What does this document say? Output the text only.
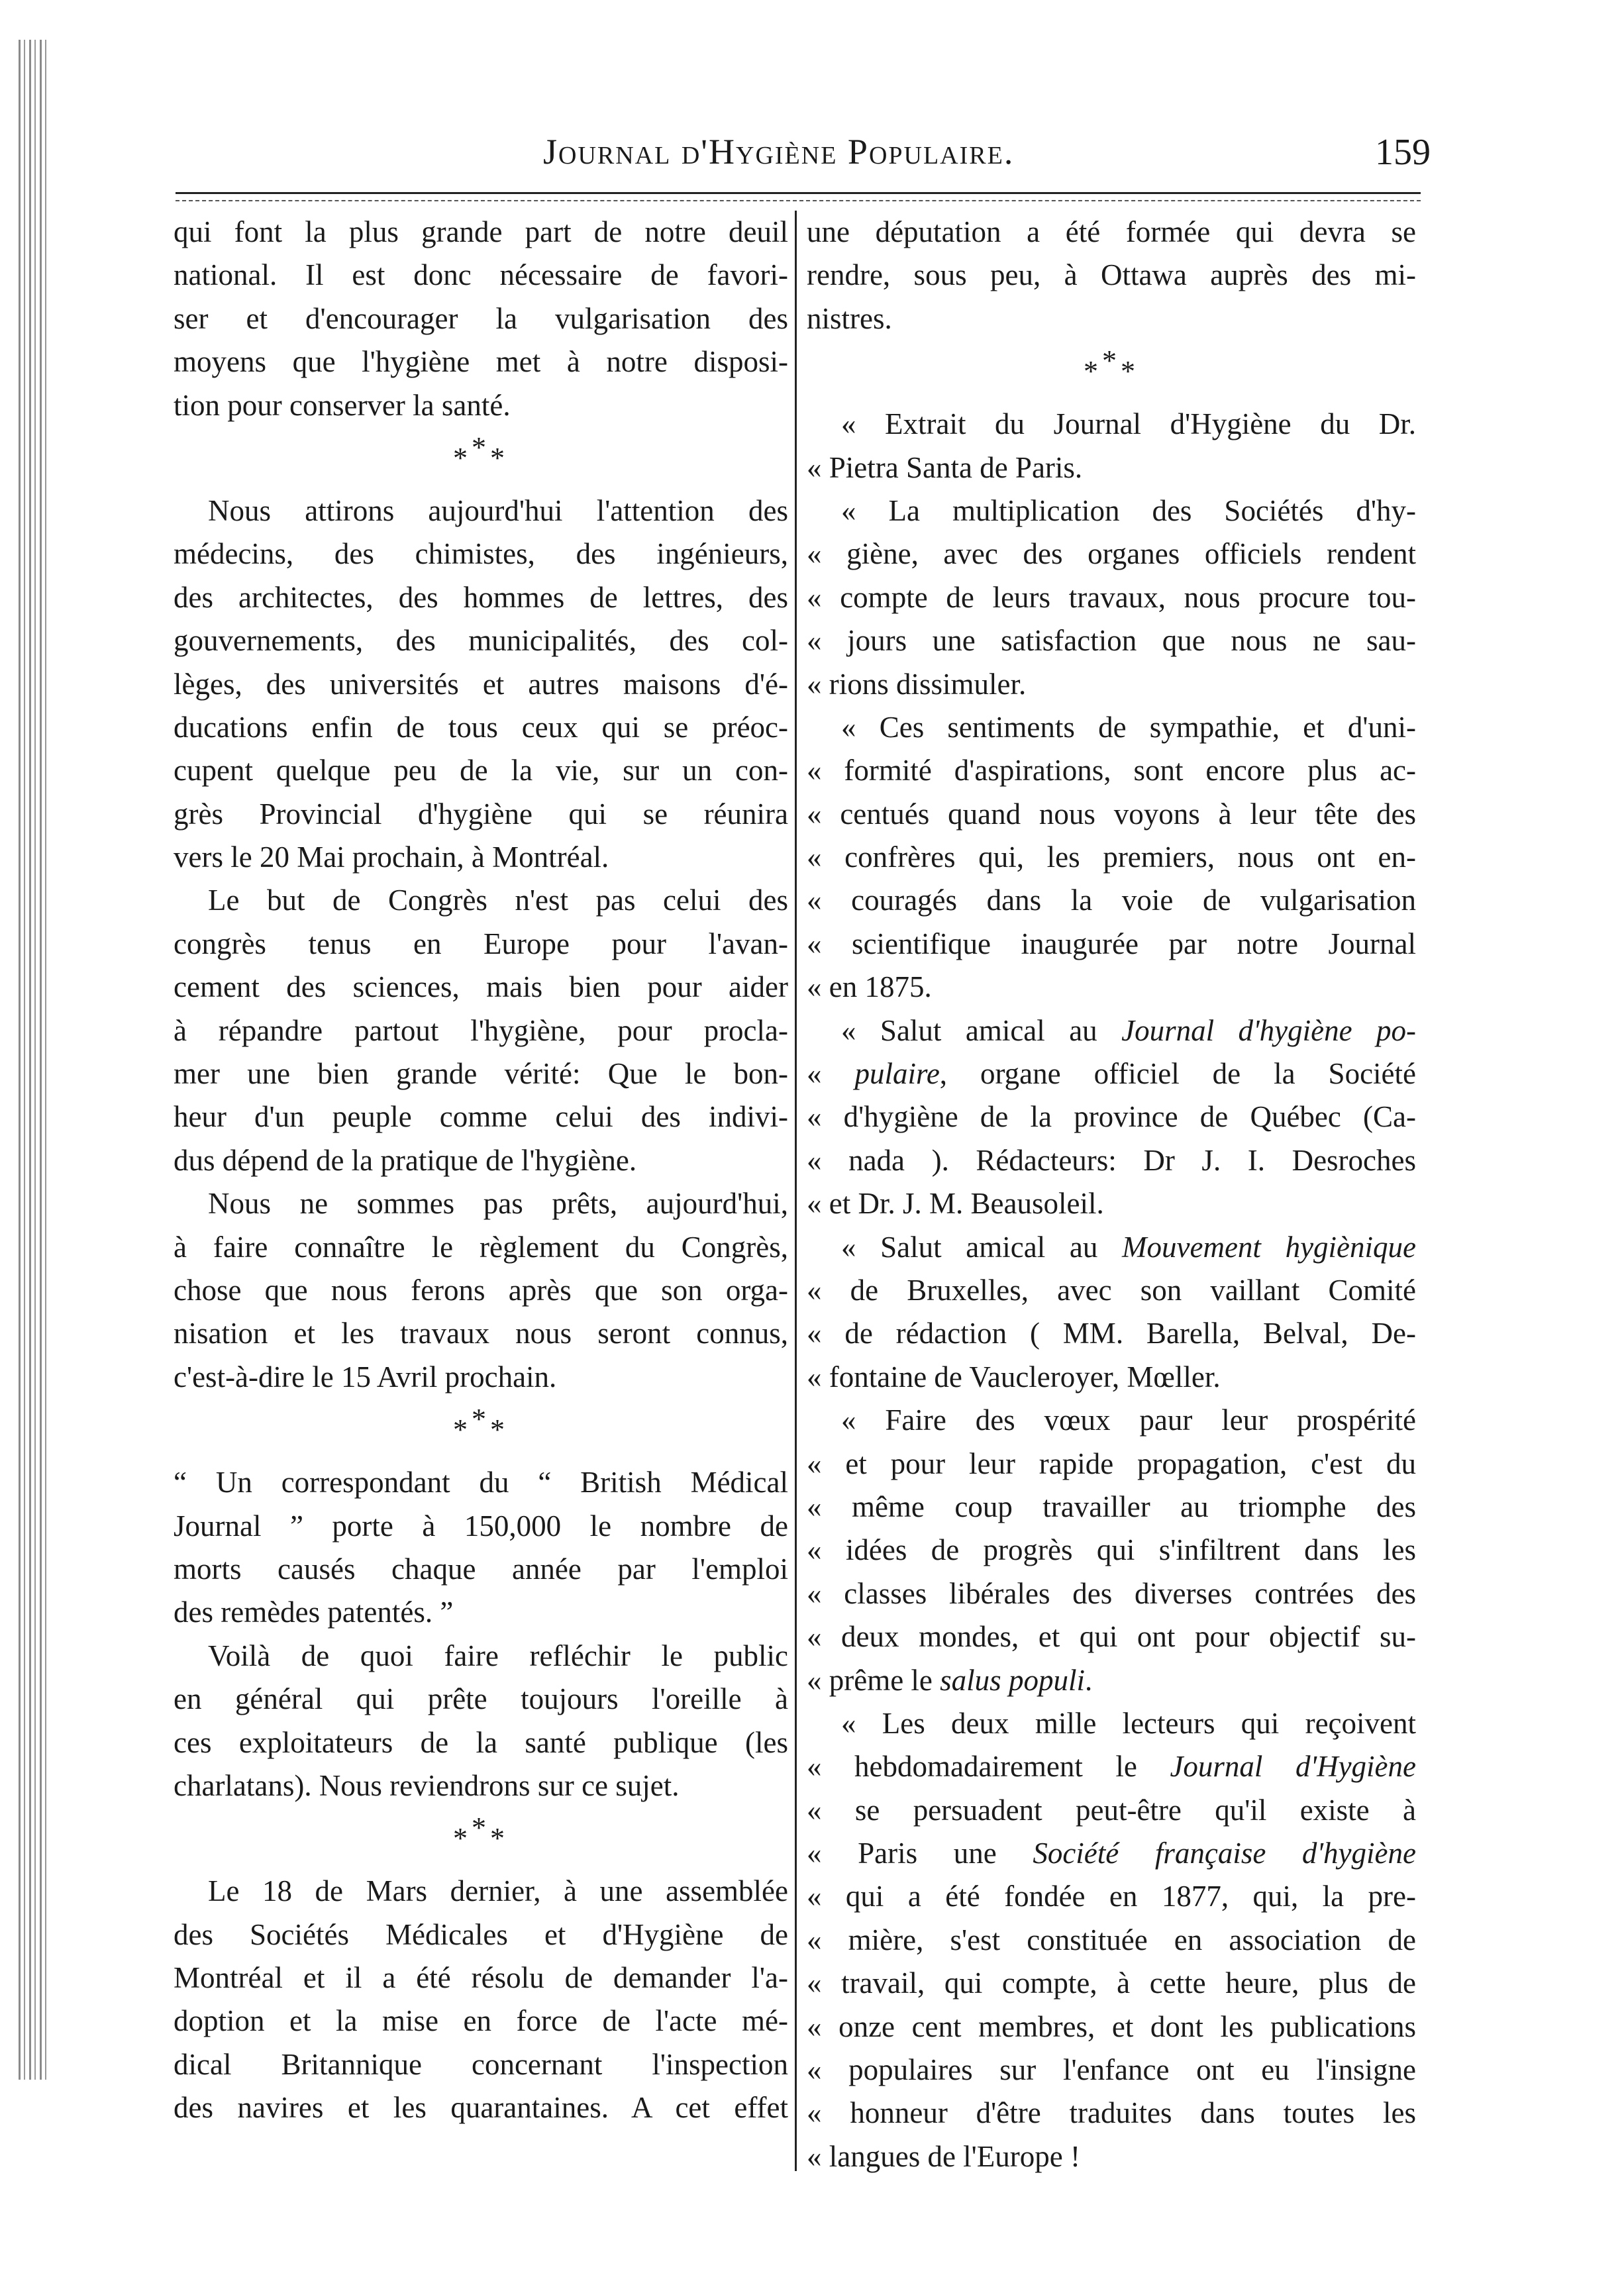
Journal d'Hygiène Populaire.	159
qui font la plus grande part de notre deuil
national. Il est donc nécessaire de favori-
ser et d'encourager la vulgarisation des
moyens que l'hygiène met à notre disposi-
tion pour conserver la santé.
***
Nous attirons aujourd'hui l'attention des
médecins, des chimistes, des ingénieurs,
des architectes, des hommes de lettres, des
gouvernements, des municipalités, des col-
lèges, des universités et autres maisons d'é-
ducations enfin de tous ceux qui se préoc-
cupent quelque peu de la vie, sur un con-
grès Provincial d'hygiène qui se réunira
vers le 20 Mai prochain, à Montréal.
Le but de Congrès n'est pas celui des
congrès tenus en Europe pour l'avan-
cement des sciences, mais bien pour aider
à répandre partout l'hygiène, pour procla-
mer une bien grande vérité: Que le bon-
heur d'un peuple comme celui des indivi-
dus dépend de la pratique de l'hygiène.
Nous ne sommes pas prêts, aujourd'hui,
à faire connaître le règlement du Congrès,
chose que nous ferons après que son orga-
nisation et les travaux nous seront connus,
c'est-à-dire le 15 Avril prochain.
***
“ Un correspondant du “ British Médical
Journal ” porte à 150,000 le nombre de
morts causés chaque année par l'emploi
des remèdes patentés. ”
Voilà de quoi faire refléchir le public
en général qui prête toujours l'oreille à
ces exploitateurs de la santé publique (les
charlatans). Nous reviendrons sur ce sujet.
***
Le 18 de Mars dernier, à une assemblée
des Sociétés Médicales et d'Hygiène de
Montréal et il a été résolu de demander l'a-
doption et la mise en force de l'acte mé-
dical Britannique concernant l'inspection
des navires et les quarantaines. A cet effet
une députation a été formée qui devra se
rendre, sous peu, à Ottawa auprès des mi-
nistres.
***
« Extrait du Journal d'Hygiène du Dr.
« Pietra Santa de Paris.
« La multiplication des Sociétés d'hy-
« giène, avec des organes officiels rendent
« compte de leurs travaux, nous procure tou-
« jours une satisfaction que nous ne sau-
« rions dissimuler.
« Ces sentiments de sympathie, et d'uni-
« formité d'aspirations, sont encore plus ac-
« centués quand nous voyons à leur tête des
« confrères qui, les premiers, nous ont en-
« couragés dans la voie de vulgarisation
« scientifique inaugurée par notre Journal
« en 1875.
« Salut amical au Journal d'hygiène po-
« pulaire, organe officiel de la Société
« d'hygiène de la province de Québec (Ca-
« nada ). Rédacteurs: Dr J. I. Desroches
« et Dr. J. M. Beausoleil.
« Salut amical au Mouvement hygiènique
« de Bruxelles, avec son vaillant Comité
« de rédaction ( MM. Barella, Belval, De-
« fontaine de Vaucleroyer, Mœller.
« Faire des vœux paur leur prospérité
« et pour leur rapide propagation, c'est du
« même coup travailler au triomphe des
« idées de progrès qui s'infiltrent dans les
« classes libérales des diverses contrées des
« deux mondes, et qui ont pour objectif su-
« prême le salus populi.
« Les deux mille lecteurs qui reçoivent
« hebdomadairement le Journal d'Hygiène
« se persuadent peut-être qu'il existe à
« Paris une Société française d'hygiène
« qui a été fondée en 1877, qui, la pre-
« mière, s'est constituée en association de
« travail, qui compte, à cette heure, plus de
« onze cent membres, et dont les publications
« populaires sur l'enfance ont eu l'insigne
« honneur d'être traduites dans toutes les
« langues de l'Europe !
